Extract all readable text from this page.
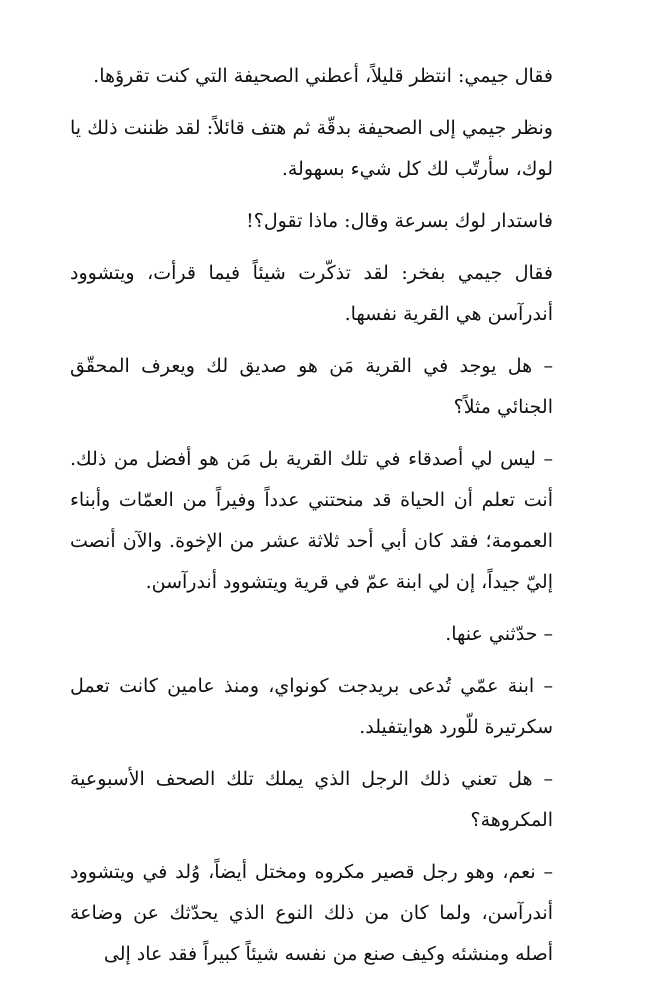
فقال جيمي: انتظر قليلاً، أعطني الصحيفة التي كنت تقرؤها.

ونظر جيمي إلى الصحيفة بدقّة ثم هتف قائلاً: لقد ظننت ذلك يا لوك، سأرتّب لك كل شيء بسهولة.

فاستدار لوك بسرعة وقال: ماذا تقول؟!

فقال جيمي بفخر: لقد تذكّرت شيئاً فيما قرأت، ويتشوود أندرآسن هي القرية نفسها.

– هل يوجد في القرية مَن هو صديق لك ويعرف المحقّق الجنائي مثلاً؟

– ليس لي أصدقاء في تلك القرية بل مَن هو أفضل من ذلك. أنت تعلم أن الحياة قد منحتني عدداً وفيراً من العمّات وأبناء العمومة؛ فقد كان أبي أحد ثلاثة عشر من الإخوة. والآن أنصت إليّ جيداً، إن لي ابنة عمّ في قرية ويتشوود أندرآسن.

– حدّثني عنها.

– ابنة عمّي تُدعى بريدجت كونواي، ومنذ عامين كانت تعمل سكرتيرة للّورد هوايتفيلد.

– هل تعني ذلك الرجل الذي يملك تلك الصحف الأسبوعية المكروهة؟

– نعم، وهو رجل قصير مكروه ومختل أيضاً، وُلد في ويتشوود أندرآسن، ولما كان من ذلك النوع الذي يحدّثك عن وضاعة أصله ومنشئه وكيف صنع من نفسه شيئاً كبيراً فقد عاد إلى
